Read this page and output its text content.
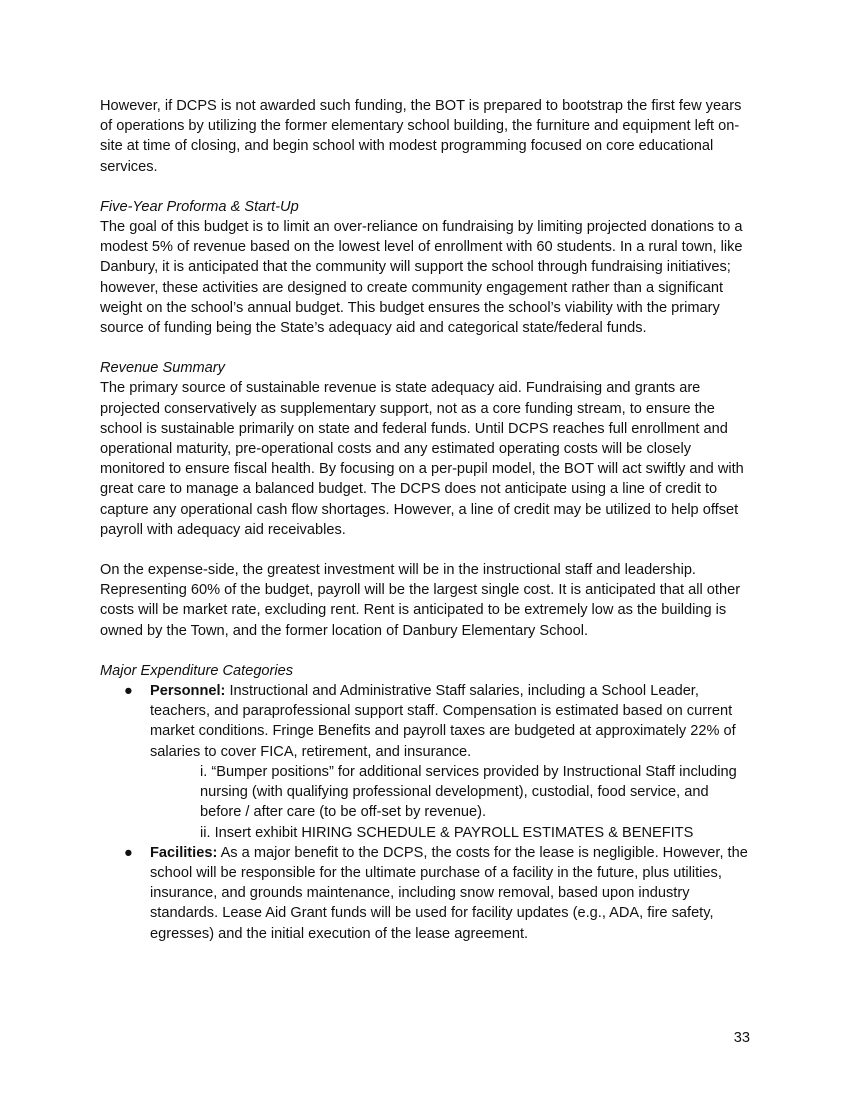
However, if DCPS is not awarded such funding, the BOT is prepared to bootstrap the first few years of operations by utilizing the former elementary school building, the furniture and equipment left on-site at time of closing, and begin school with modest programming focused on core educational services.

Five-Year Proforma & Start-Up

The goal of this budget is to limit an over-reliance on fundraising by limiting projected donations to a modest 5% of revenue based on the lowest level of enrollment with 60 students. In a rural town, like Danbury, it is anticipated that the community will support the school through fundraising initiatives; however, these activities are designed to create community engagement rather than a significant weight on the school’s annual budget. This budget ensures the school’s viability with the primary source of funding being the State’s adequacy aid and categorical state/federal funds.

Revenue Summary

The primary source of sustainable revenue is state adequacy aid. Fundraising and grants are projected conservatively as supplementary support, not as a core funding stream, to ensure the school is sustainable primarily on state and federal funds. Until DCPS reaches full enrollment and operational maturity, pre-operational costs and any estimated operating costs will be closely monitored to ensure fiscal health. By focusing on a per-pupil model, the BOT will act swiftly and with great care to manage a balanced budget. The DCPS does not anticipate using a line of credit to capture any operational cash flow shortages. However, a line of credit may be utilized to help offset payroll with adequacy aid receivables.

On the expense-side, the greatest investment will be in the instructional staff and leadership. Representing 60% of the budget, payroll will be the largest single cost. It is anticipated that all other costs will be market rate, excluding rent. Rent is anticipated to be extremely low as the building is owned by the Town, and the former location of Danbury Elementary School.

Major Expenditure Categories

● Personnel: Instructional and Administrative Staff salaries, including a School Leader, teachers, and paraprofessional support staff. Compensation is estimated based on current market conditions. Fringe Benefits and payroll taxes are budgeted at approximately 22% of salaries to cover FICA, retirement, and insurance.

i. “Bumper positions” for additional services provided by Instructional Staff including nursing (with qualifying professional development), custodial, food service, and before / after care (to be off-set by revenue).

ii. Insert exhibit HIRING SCHEDULE & PAYROLL ESTIMATES & BENEFITS

● Facilities: As a major benefit to the DCPS, the costs for the lease is negligible. However, the school will be responsible for the ultimate purchase of a facility in the future, plus utilities, insurance, and grounds maintenance, including snow removal, based upon industry standards. Lease Aid Grant funds will be used for facility updates (e.g., ADA, fire safety, egresses) and the initial execution of the lease agreement.
33
